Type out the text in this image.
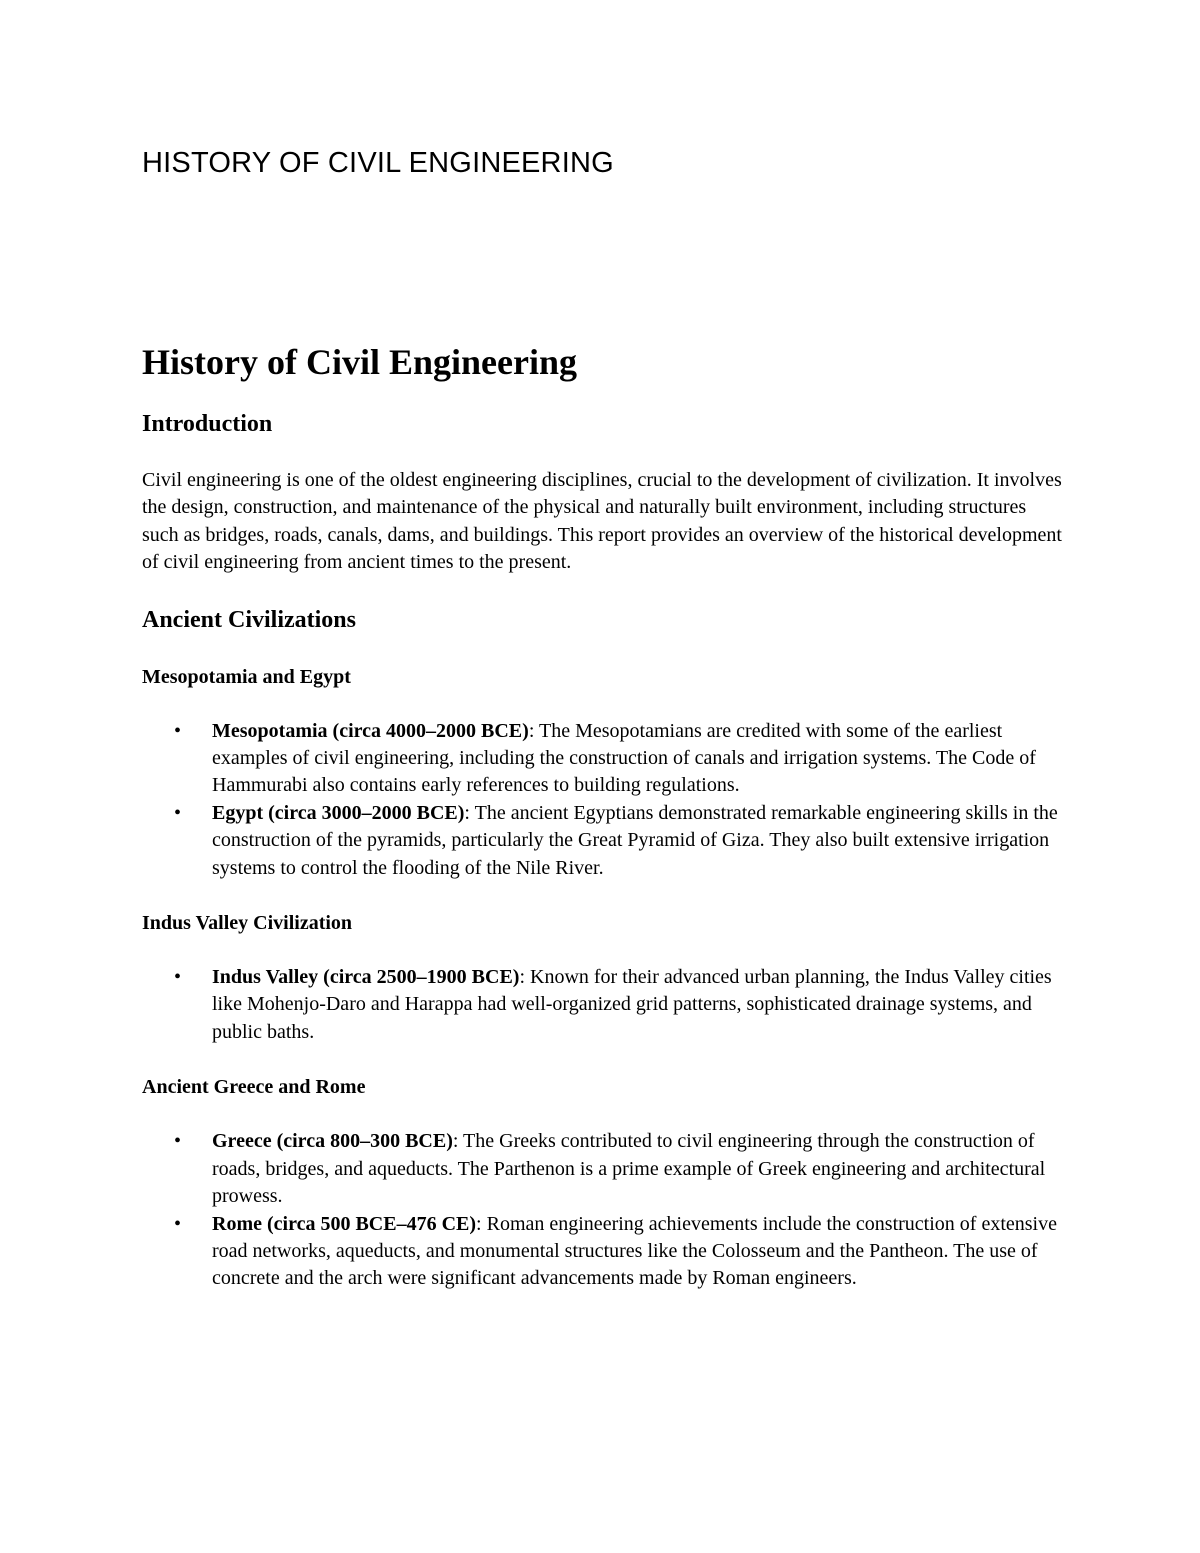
HISTORY OF CIVIL ENGINEERING
History of Civil Engineering
Introduction

Civil engineering is one of the oldest engineering disciplines, crucial to the development of civilization. It involves the design, construction, and maintenance of the physical and naturally built environment, including structures such as bridges, roads, canals, dams, and buildings. This report provides an overview of the historical development of civil engineering from ancient times to the present.

Ancient Civilizations
Mesopotamia and Egypt
• Mesopotamia (circa 4000–2000 BCE): The Mesopotamians are credited with some of the earliest examples of civil engineering, including the construction of canals and irrigation systems. The Code of Hammurabi also contains early references to building regulations.
• Egypt (circa 3000–2000 BCE): The ancient Egyptians demonstrated remarkable engineering skills in the construction of the pyramids, particularly the Great Pyramid of Giza. They also built extensive irrigation systems to control the flooding of the Nile River.
Indus Valley Civilization
• Indus Valley (circa 2500–1900 BCE): Known for their advanced urban planning, the Indus Valley cities like Mohenjo-Daro and Harappa had well-organized grid patterns, sophisticated drainage systems, and public baths.
Ancient Greece and Rome
• Greece (circa 800–300 BCE): The Greeks contributed to civil engineering through the construction of roads, bridges, and aqueducts. The Parthenon is a prime example of Greek engineering and architectural prowess.
• Rome (circa 500 BCE–476 CE): Roman engineering achievements include the construction of extensive road networks, aqueducts, and monumental structures like the Colosseum and the Pantheon. The use of concrete and the arch were significant advancements made by Roman engineers.
